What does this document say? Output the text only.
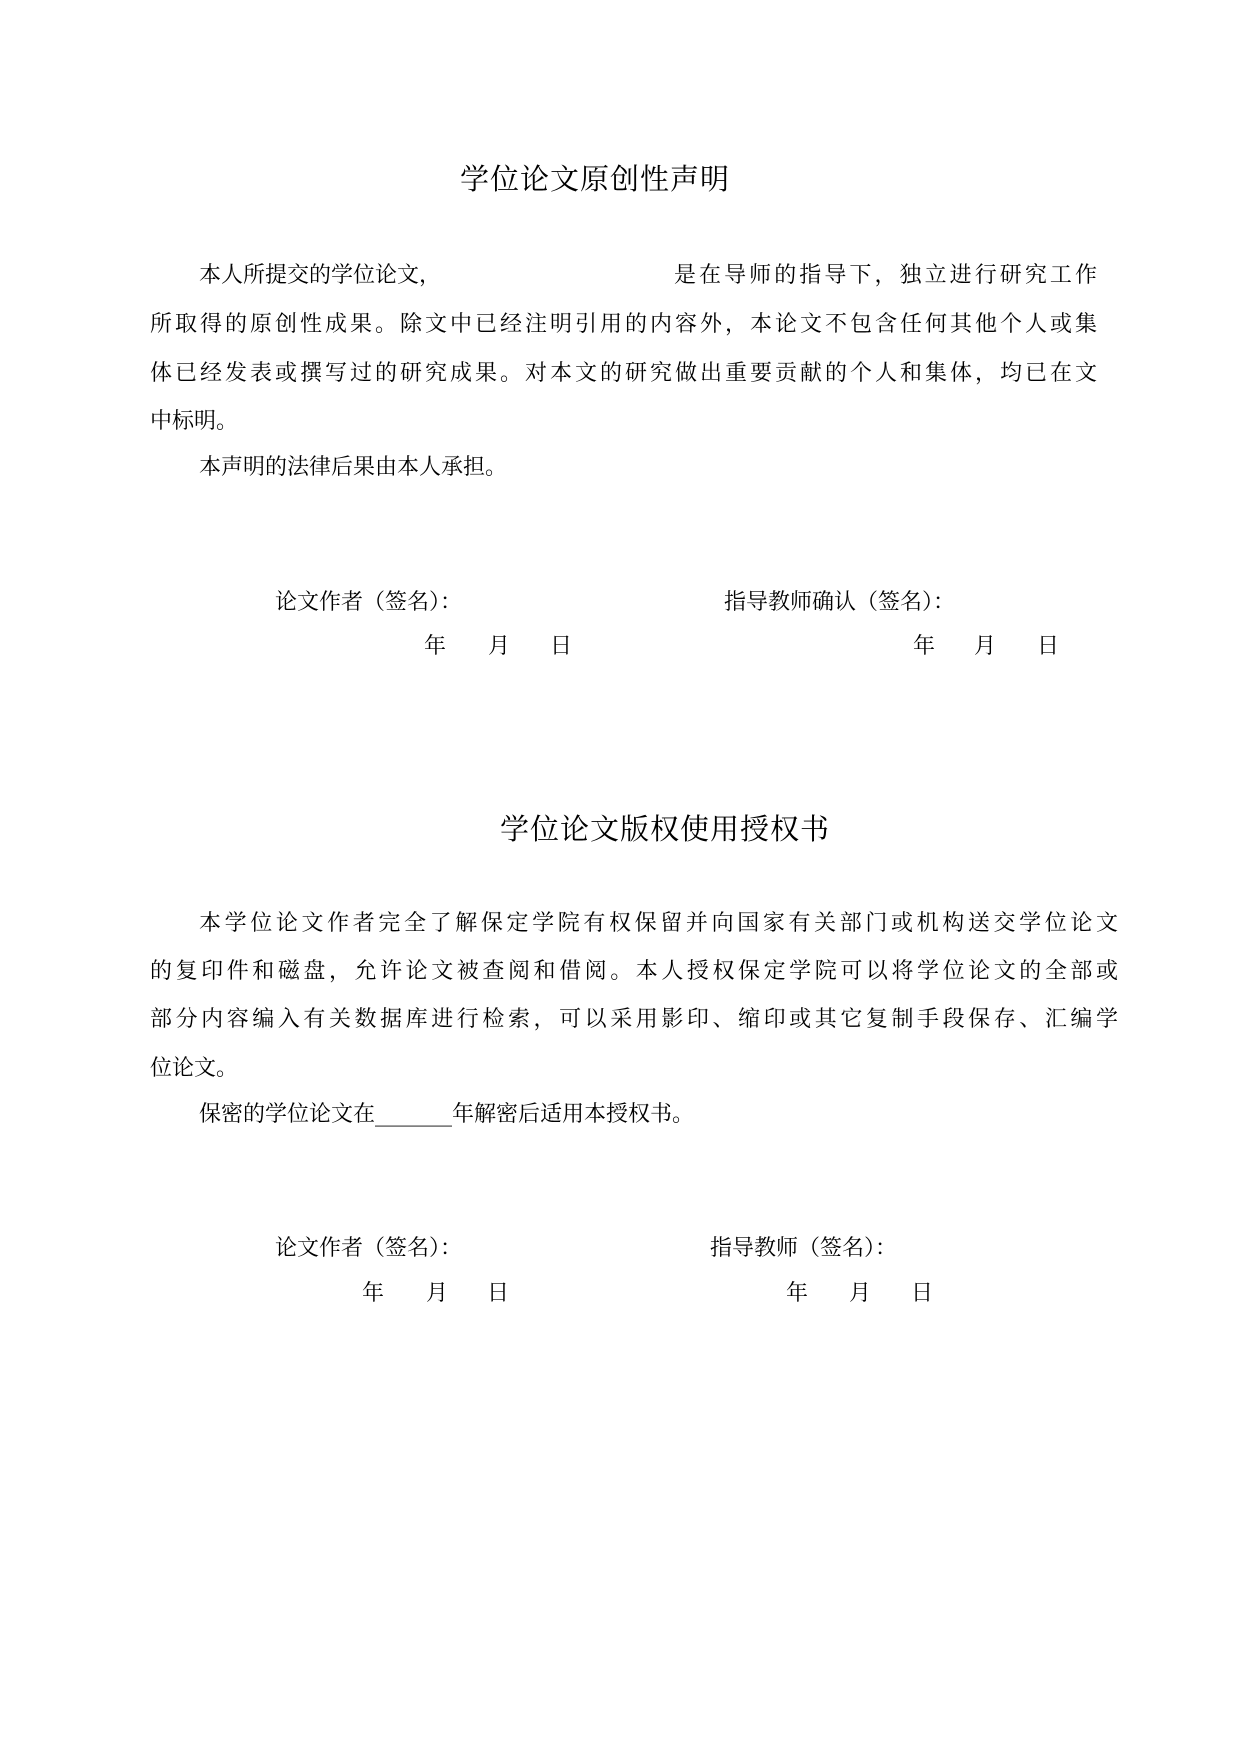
学位论文原创性声明
本人所提交的学位论文，	是在导师的指导下，独立进行研究工作
所取得的原创性成果。除文中已经注明引用的内容外，本论文不包含任何其他个人或集
体已经发表或撰写过的研究成果。对本文的研究做出重要贡献的个人和集体，均已在文
中标明。
本声明的法律后果由本人承担。
论文作者（签名）：	指导教师确认（签名）：
年 月 日	年 月 日
学位论文版权使用授权书
本学位论文作者完全了解保定学院有权保留并向国家有关部门或机构送交学位论文
的复印件和磁盘，允许论文被查阅和借阅。本人授权保定学院可以将学位论文的全部或
部分内容编入有关数据库进行检索，可以采用影印、缩印或其它复制手段保存、汇编学
位论文。
保密的学位论文在_______年解密后适用本授权书。
论文作者（签名）：	指导教师（签名）：
年 月 日	年 月 日
